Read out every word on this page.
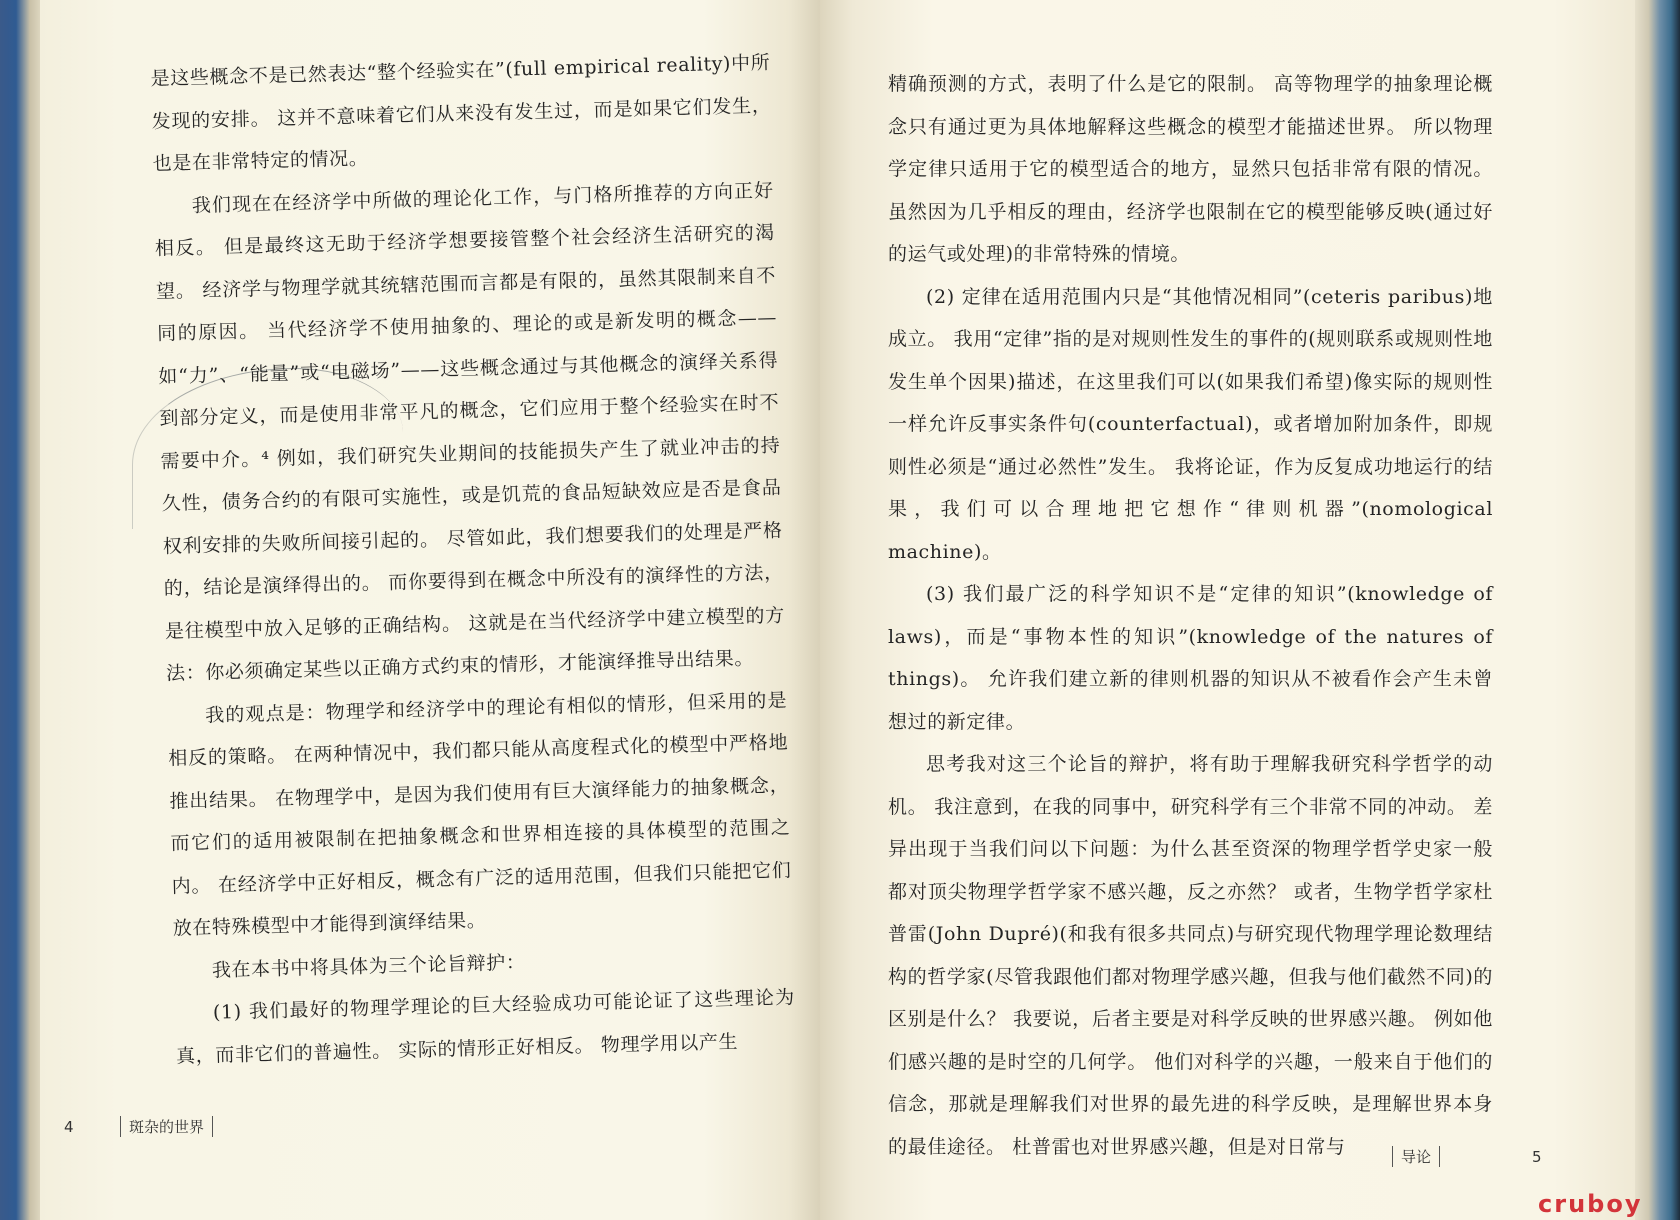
是这些概念不是已然表达“整个经验实在”(full empirical reality)中所发现的安排。 这并不意味着它们从来没有发生过，而是如果它们发生，也是在非常特定的情况。

我们现在在经济学中所做的理论化工作，与门格所推荐的方向正好相反。 但是最终这无助于经济学想要接管整个社会经济生活研究的渴望。 经济学与物理学就其统辖范围而言都是有限的，虽然其限制来自不同的原因。 当代经济学不使用抽象的、理论的或是新发明的概念——如“力”、“能量”或“电磁场”——这些概念通过与其他概念的演绎关系得到部分定义，而是使用非常平凡的概念，它们应用于整个经验实在时不需要中介。⁴ 例如，我们研究失业期间的技能损失产生了就业冲击的持久性，债务合约的有限可实施性，或是饥荒的食品短缺效应是否是食品权利安排的失败所间接引起的。 尽管如此，我们想要我们的处理是严格的，结论是演绎得出的。 而你要得到在概念中所没有的演绎性的方法，是往模型中放入足够的正确结构。 这就是在当代经济学中建立模型的方法：你必须确定某些以正确方式约束的情形，才能演绎推导出结果。

我的观点是：物理学和经济学中的理论有相似的情形，但采用的是相反的策略。 在两种情况中，我们都只能从高度程式化的模型中严格地推出结果。 在物理学中，是因为我们使用有巨大演绎能力的抽象概念，而它们的适用被限制在把抽象概念和世界相连接的具体模型的范围之内。 在经济学中正好相反，概念有广泛的适用范围，但我们只能把它们放在特殊模型中才能得到演绎结果。

我在本书中将具体为三个论旨辩护：

(1) 我们最好的物理学理论的巨大经验成功可能论证了这些理论为真，而非它们的普遍性。 实际的情形正好相反。 物理学用以产生

4	斑杂的世界

精确预测的方式，表明了什么是它的限制。 高等物理学的抽象理论概念只有通过更为具体地解释这些概念的模型才能描述世界。 所以物理学定律只适用于它的模型适合的地方，显然只包括非常有限的情况。 虽然因为几乎相反的理由，经济学也限制在它的模型能够反映(通过好的运气或处理)的非常特殊的情境。

(2) 定律在适用范围内只是“其他情况相同”(ceteris paribus)地成立。 我用“定律”指的是对规则性发生的事件的(规则联系或规则性地发生单个因果)描述，在这里我们可以(如果我们希望)像实际的规则性一样允许反事实条件句(counterfactual)，或者增加附加条件，即规则性必须是“通过必然性”发生。 我将论证，作为反复成功地运行的结果，我们可以合理地把它想作“律则机器”(nomological machine)。

(3) 我们最广泛的科学知识不是“定律的知识”(knowledge of laws)，而是“事物本性的知识”(knowledge of the natures of things)。 允许我们建立新的律则机器的知识从不被看作会产生未曾想过的新定律。

思考我对这三个论旨的辩护，将有助于理解我研究科学哲学的动机。 我注意到，在我的同事中，研究科学有三个非常不同的冲动。 差异出现于当我们问以下问题：为什么甚至资深的物理学哲学史家一般都对顶尖物理学哲学家不感兴趣，反之亦然？ 或者，生物学哲学家杜普雷(John Dupré)(和我有很多共同点)与研究现代物理学理论数理结构的哲学家(尽管我跟他们都对物理学感兴趣，但我与他们截然不同)的区别是什么？ 我要说，后者主要是对科学反映的世界感兴趣。 例如他们感兴趣的是时空的几何学。 他们对科学的兴趣，一般来自于他们的信念，那就是理解我们对世界的最先进的科学反映，是理解世界本身的最佳途径。 杜普雷也对世界感兴趣，但是对日常与	导论	5
cruboy
